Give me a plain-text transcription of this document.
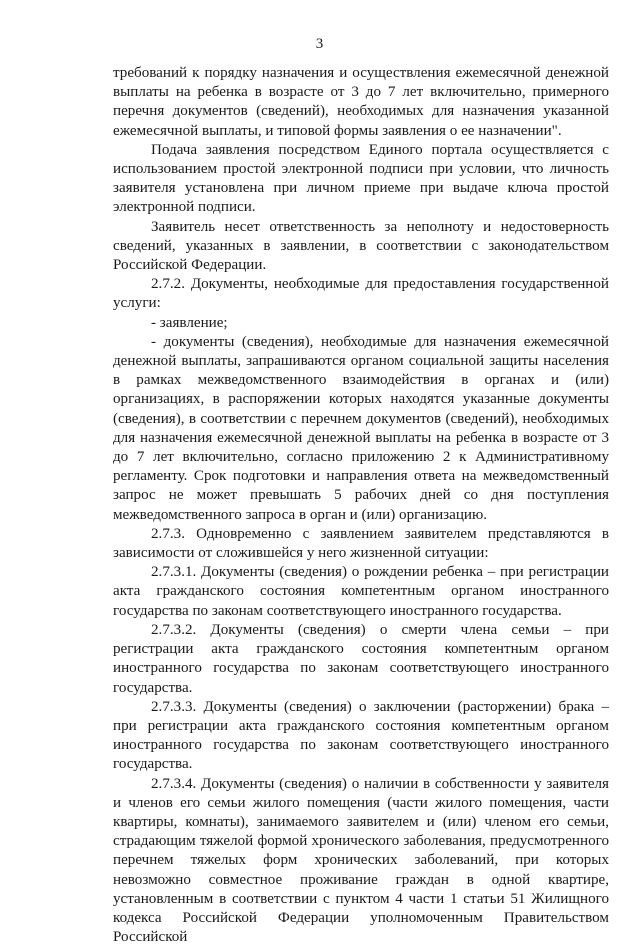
3

требований к порядку назначения и осуществления ежемесячной денежной выплаты на ребенка в возрасте от 3 до 7 лет включительно, примерного перечня документов (сведений), необходимых для назначения указанной ежемесячной выплаты, и типовой формы заявления о ее назначении".

Подача заявления посредством Единого портала осуществляется с использованием простой электронной подписи при условии, что личность заявителя установлена при личном приеме при выдаче ключа простой электронной подписи.

Заявитель несет ответственность за неполноту и недостоверность сведений, указанных в заявлении, в соответствии с законодательством Российской Федерации.

2.7.2. Документы, необходимые для предоставления государственной услуги:

- заявление;

- документы (сведения), необходимые для назначения ежемесячной денежной выплаты, запрашиваются органом социальной защиты населения в рамках межведомственного взаимодействия в органах и (или) организациях, в распоряжении которых находятся указанные документы (сведения), в соответствии с перечнем документов (сведений), необходимых для назначения ежемесячной денежной выплаты на ребенка в возрасте от 3 до 7 лет включительно, согласно приложению 2 к Административному регламенту. Срок подготовки и направления ответа на межведомственный запрос не может превышать 5 рабочих дней со дня поступления межведомственного запроса в орган и (или) организацию.

2.7.3. Одновременно с заявлением заявителем представляются в зависимости от сложившейся у него жизненной ситуации:

2.7.3.1. Документы (сведения) о рождении ребенка – при регистрации акта гражданского состояния компетентным органом иностранного государства по законам соответствующего иностранного государства.

2.7.3.2. Документы (сведения) о смерти члена семьи – при регистрации акта гражданского состояния компетентным органом иностранного государства по законам соответствующего иностранного государства.

2.7.3.3. Документы (сведения) о заключении (расторжении) брака – при регистрации акта гражданского состояния компетентным органом иностранного государства по законам соответствующего иностранного государства.

2.7.3.4. Документы (сведения) о наличии в собственности у заявителя и членов его семьи жилого помещения (части жилого помещения, части квартиры, комнаты), занимаемого заявителем и (или) членом его семьи, страдающим тяжелой формой хронического заболевания, предусмотренного перечнем тяжелых форм хронических заболеваний, при которых невозможно совместное проживание граждан в одной квартире, установленным в соответствии с пунктом 4 части 1 статьи 51 Жилищного кодекса Российской Федерации уполномоченным Правительством Российской
